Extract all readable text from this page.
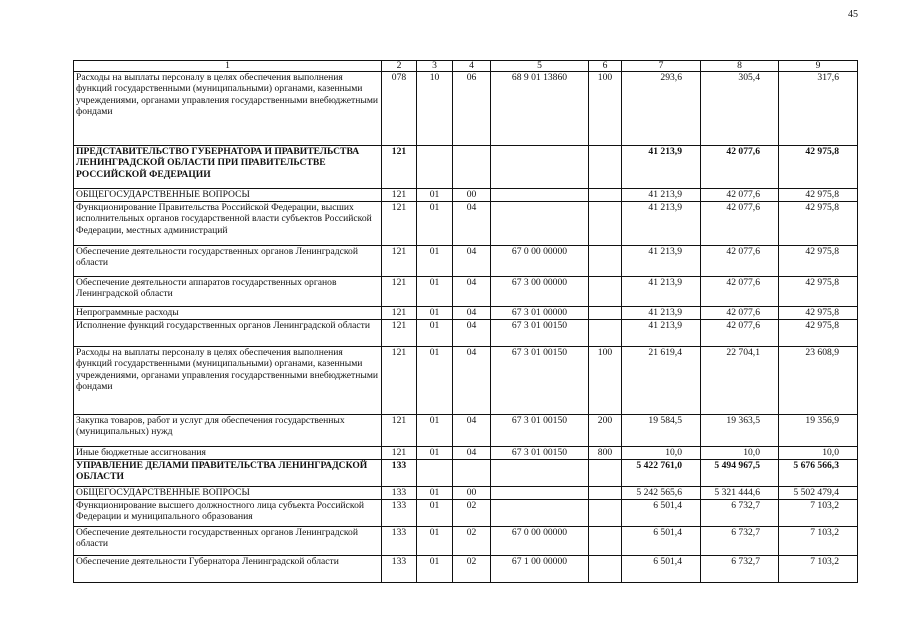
45
1	2	3	4	5	6	7	8	9
Расходы на выплаты персоналу в целях обеспечения выполнения функций государственными (муниципальными) органами, казенными учреждениями, органами управления государственными внебюджетными фондами	078	10	06	68 9 01 13860	100	293,6	305,4	317,6
ПРЕДСТАВИТЕЛЬСТВО ГУБЕРНАТОРА И ПРАВИТЕЛЬСТВА ЛЕНИНГРАДСКОЙ ОБЛАСТИ ПРИ ПРАВИТЕЛЬСТВЕ РОССИЙСКОЙ ФЕДЕРАЦИИ	121					41 213,9	42 077,6	42 975,8
ОБЩЕГОСУДАРСТВЕННЫЕ ВОПРОСЫ	121	01	00			41 213,9	42 077,6	42 975,8
Функционирование Правительства Российской Федерации, высших исполнительных органов государственной власти субъектов Российской Федерации, местных администраций	121	01	04			41 213,9	42 077,6	42 975,8
Обеспечение деятельности государственных органов Ленинградской области	121	01	04	67 0 00 00000		41 213,9	42 077,6	42 975,8
Обеспечение деятельности аппаратов государственных органов Ленинградской области	121	01	04	67 3 00 00000		41 213,9	42 077,6	42 975,8
Непрограммные расходы	121	01	04	67 3 01 00000		41 213,9	42 077,6	42 975,8
Исполнение функций государственных органов Ленинградской области	121	01	04	67 3 01 00150		41 213,9	42 077,6	42 975,8
Расходы на выплаты персоналу в целях обеспечения выполнения функций государственными (муниципальными) органами, казенными учреждениями, органами управления государственными внебюджетными фондами	121	01	04	67 3 01 00150	100	21 619,4	22 704,1	23 608,9
Закупка товаров, работ и услуг для обеспечения государственных (муниципальных) нужд	121	01	04	67 3 01 00150	200	19 584,5	19 363,5	19 356,9
Иные бюджетные ассигнования	121	01	04	67 3 01 00150	800	10,0	10,0	10,0
УПРАВЛЕНИЕ ДЕЛАМИ ПРАВИТЕЛЬСТВА ЛЕНИНГРАДСКОЙ ОБЛАСТИ	133					5 422 761,0	5 494 967,5	5 676 566,3
ОБЩЕГОСУДАРСТВЕННЫЕ ВОПРОСЫ	133	01	00			5 242 565,6	5 321 444,6	5 502 479,4
Функционирование высшего должностного лица субъекта Российской Федерации и муниципального образования	133	01	02			6 501,4	6 732,7	7 103,2
Обеспечение деятельности государственных органов Ленинградской области	133	01	02	67 0 00 00000		6 501,4	6 732,7	7 103,2
Обеспечение деятельности Губернатора Ленинградской области	133	01	02	67 1 00 00000		6 501,4	6 732,7	7 103,2
